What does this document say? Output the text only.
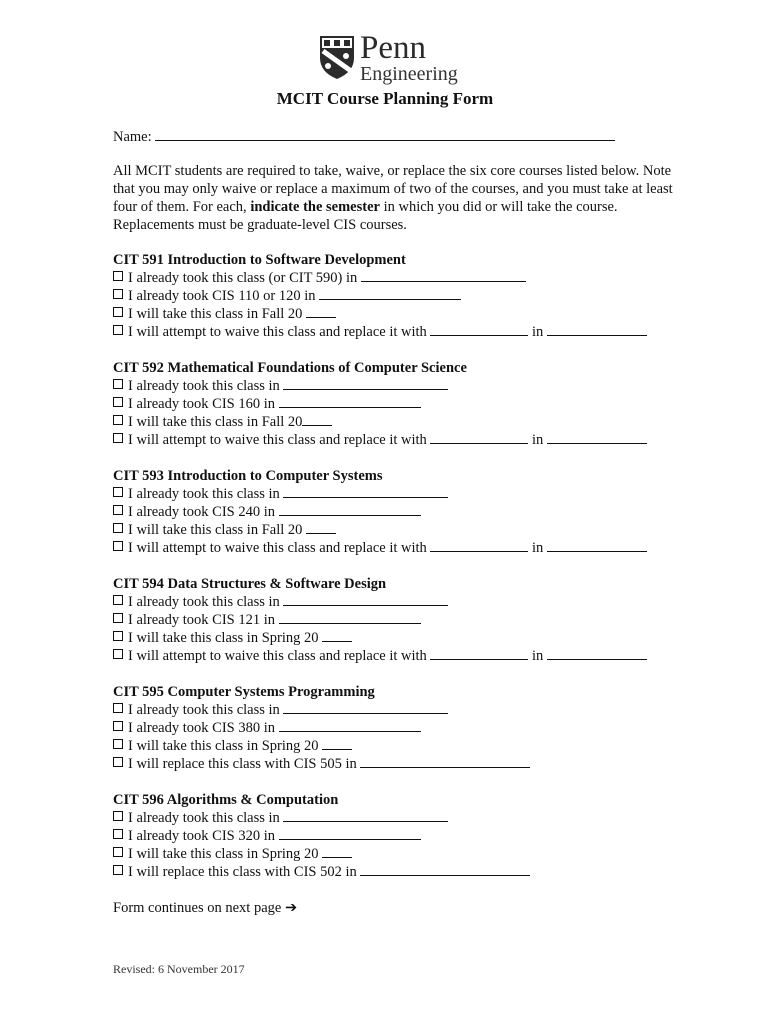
Penn
Engineering
MCIT Course Planning Form
Name:
All MCIT students are required to take, waive, or replace the six core courses listed below. Note that you may only waive or replace a maximum of two of the courses, and you must take at least four of them. For each, indicate the semester in which you did or will take the course. Replacements must be graduate-level CIS courses.
CIT 591 Introduction to Software Development
I already took this class (or CIT 590) in
I already took CIS 110 or 120 in
I will take this class in Fall 20
I will attempt to waive this class and replace it with	in
CIT 592 Mathematical Foundations of Computer Science
I already took this class in
I already took CIS 160 in
I will take this class in Fall 20
I will attempt to waive this class and replace it with	in
CIT 593 Introduction to Computer Systems
I already took this class in
I already took CIS 240 in
I will take this class in Fall 20
I will attempt to waive this class and replace it with	in
CIT 594 Data Structures & Software Design
I already took this class in
I already took CIS 121 in
I will take this class in Spring 20
I will attempt to waive this class and replace it with	in
CIT 595 Computer Systems Programming
I already took this class in
I already took CIS 380 in
I will take this class in Spring 20
I will replace this class with CIS 505 in
CIT 596 Algorithms & Computation
I already took this class in
I already took CIS 320 in
I will take this class in Spring 20
I will replace this class with CIS 502 in
Form continues on next page ➔
Revised: 6 November 2017
